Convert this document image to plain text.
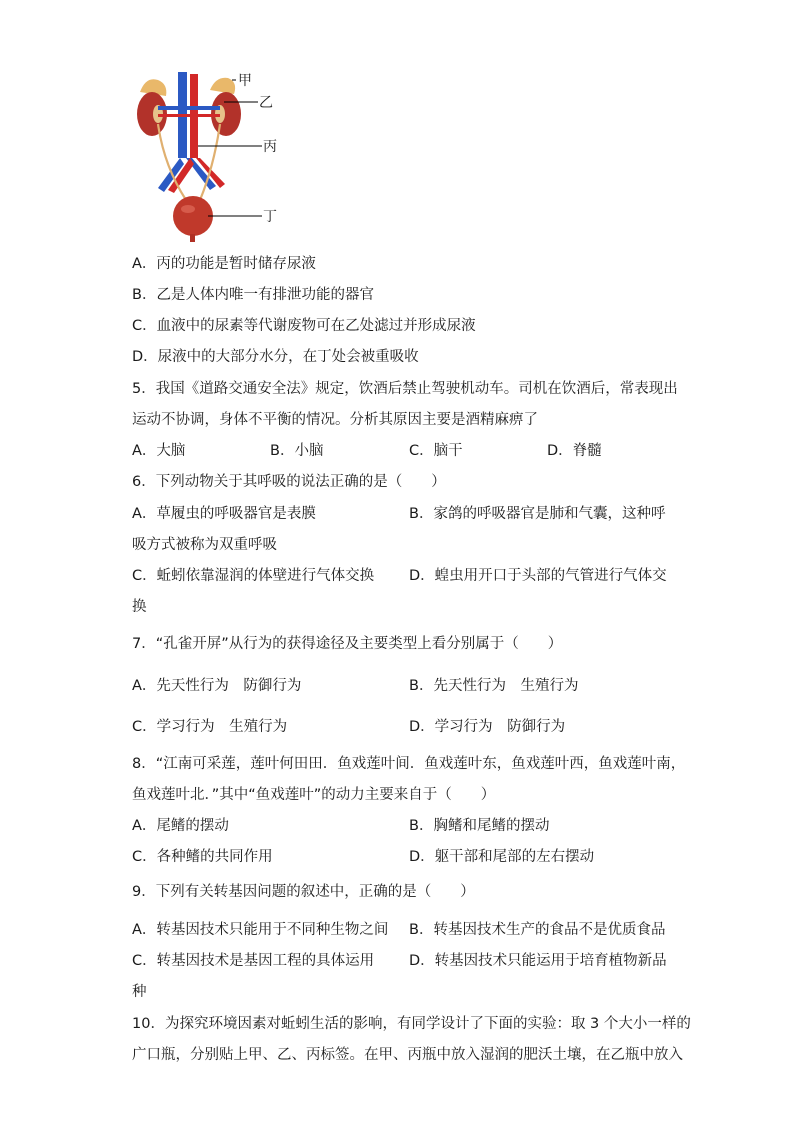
甲
乙
丙
丁
A．丙的功能是暂时储存尿液
B．乙是人体内唯一有排泄功能的器官
C．血液中的尿素等代谢废物可在乙处滤过并形成尿液
D．尿液中的大部分水分，在丁处会被重吸收
5．我国《道路交通安全法》规定，饮酒后禁止驾驶机动车。司机在饮酒后，常表现出
运动不协调，身体不平衡的情况。分析其原因主要是酒精麻痹了
A．大脑	B．小脑	C．脑干	D．脊髓
6．下列动物关于其呼吸的说法正确的是（　　）
A．草履虫的呼吸器官是表膜	B．家鸽的呼吸器官是肺和气囊，这种呼
吸方式被称为双重呼吸
C．蚯蚓依靠湿润的体壁进行气体交换 D．蝗虫用开口于头部的气管进行气体交
换
7．“孔雀开屏”从行为的获得途径及主要类型上看分别属于（　　）
A．先天性行为　防御行为	B．先天性行为　生殖行为
C．学习行为　生殖行为	D．学习行为　防御行为
8．“江南可采莲，莲叶何田田．鱼戏莲叶间．鱼戏莲叶东，鱼戏莲叶西，鱼戏莲叶南，
鱼戏莲叶北．”其中“鱼戏莲叶”的动力主要来自于（　　）
A．尾鳍的摆动	B．胸鳍和尾鳍的摆动
C．各种鳍的共同作用	D．躯干部和尾部的左右摆动
9．下列有关转基因问题的叙述中，正确的是（　　）
A．转基因技术只能用于不同种生物之间 B．转基因技术生产的食品不是优质食品
C．转基因技术是基因工程的具体运用 D．转基因技术只能运用于培育植物新品
种
10．为探究环境因素对蚯蚓生活的影响，有同学设计了下面的实验：取 3 个大小一样的
广口瓶，分别贴上甲、乙、丙标签。在甲、丙瓶中放入湿润的肥沃土壤，在乙瓶中放入
